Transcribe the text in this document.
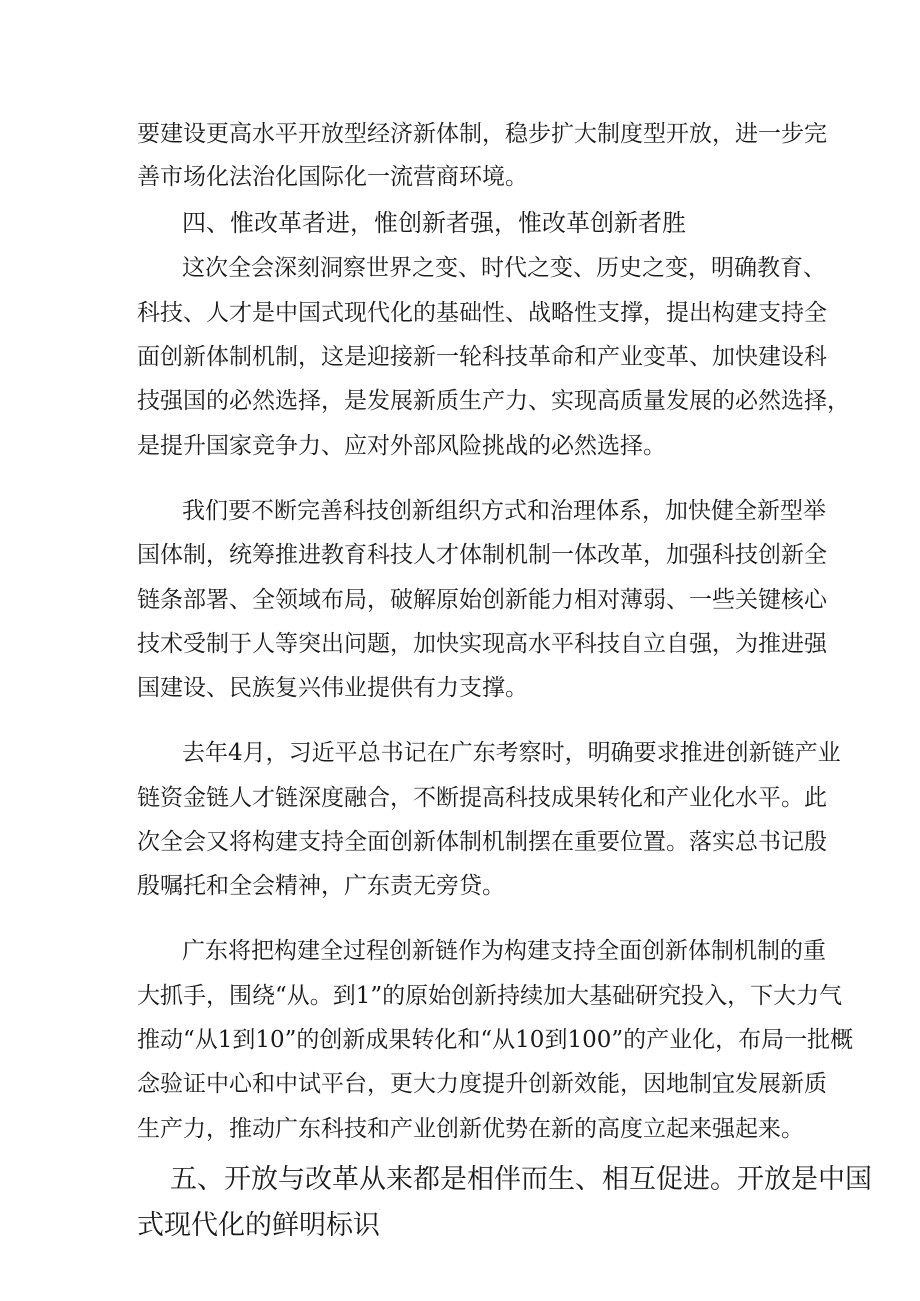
要建设更高水平开放型经济新体制，稳步扩大制度型开放，进一步完
善市场化法治化国际化一流营商环境。
四、惟改革者进，惟创新者强，惟改革创新者胜
这次全会深刻洞察世界之变、时代之变、历史之变，明确教育、
科技、人才是中国式现代化的基础性、战略性支撑，提出构建支持全
面创新体制机制，这是迎接新一轮科技革命和产业变革、加快建设科
技强国的必然选择，是发展新质生产力、实现高质量发展的必然选择，
是提升国家竞争力、应对外部风险挑战的必然选择。
我们要不断完善科技创新组织方式和治理体系，加快健全新型举
国体制，统筹推进教育科技人才体制机制一体改革，加强科技创新全
链条部署、全领域布局，破解原始创新能力相对薄弱、一些关键核心
技术受制于人等突出问题，加快实现高水平科技自立自强，为推进强
国建设、民族复兴伟业提供有力支撑。
去年4月，习近平总书记在广东考察时，明确要求推进创新链产业
链资金链人才链深度融合，不断提高科技成果转化和产业化水平。此
次全会又将构建支持全面创新体制机制摆在重要位置。落实总书记殷
殷嘱托和全会精神，广东责无旁贷。
广东将把构建全过程创新链作为构建支持全面创新体制机制的重
大抓手，围绕“从。到1”的原始创新持续加大基础研究投入，下大力气
推动“从1到10”的创新成果转化和“从10到100”的产业化，布局一批概
念验证中心和中试平台，更大力度提升创新效能，因地制宜发展新质
生产力，推动广东科技和产业创新优势在新的高度立起来强起来。
五、开放与改革从来都是相伴而生、相互促进。开放是中国
式现代化的鲜明标识
